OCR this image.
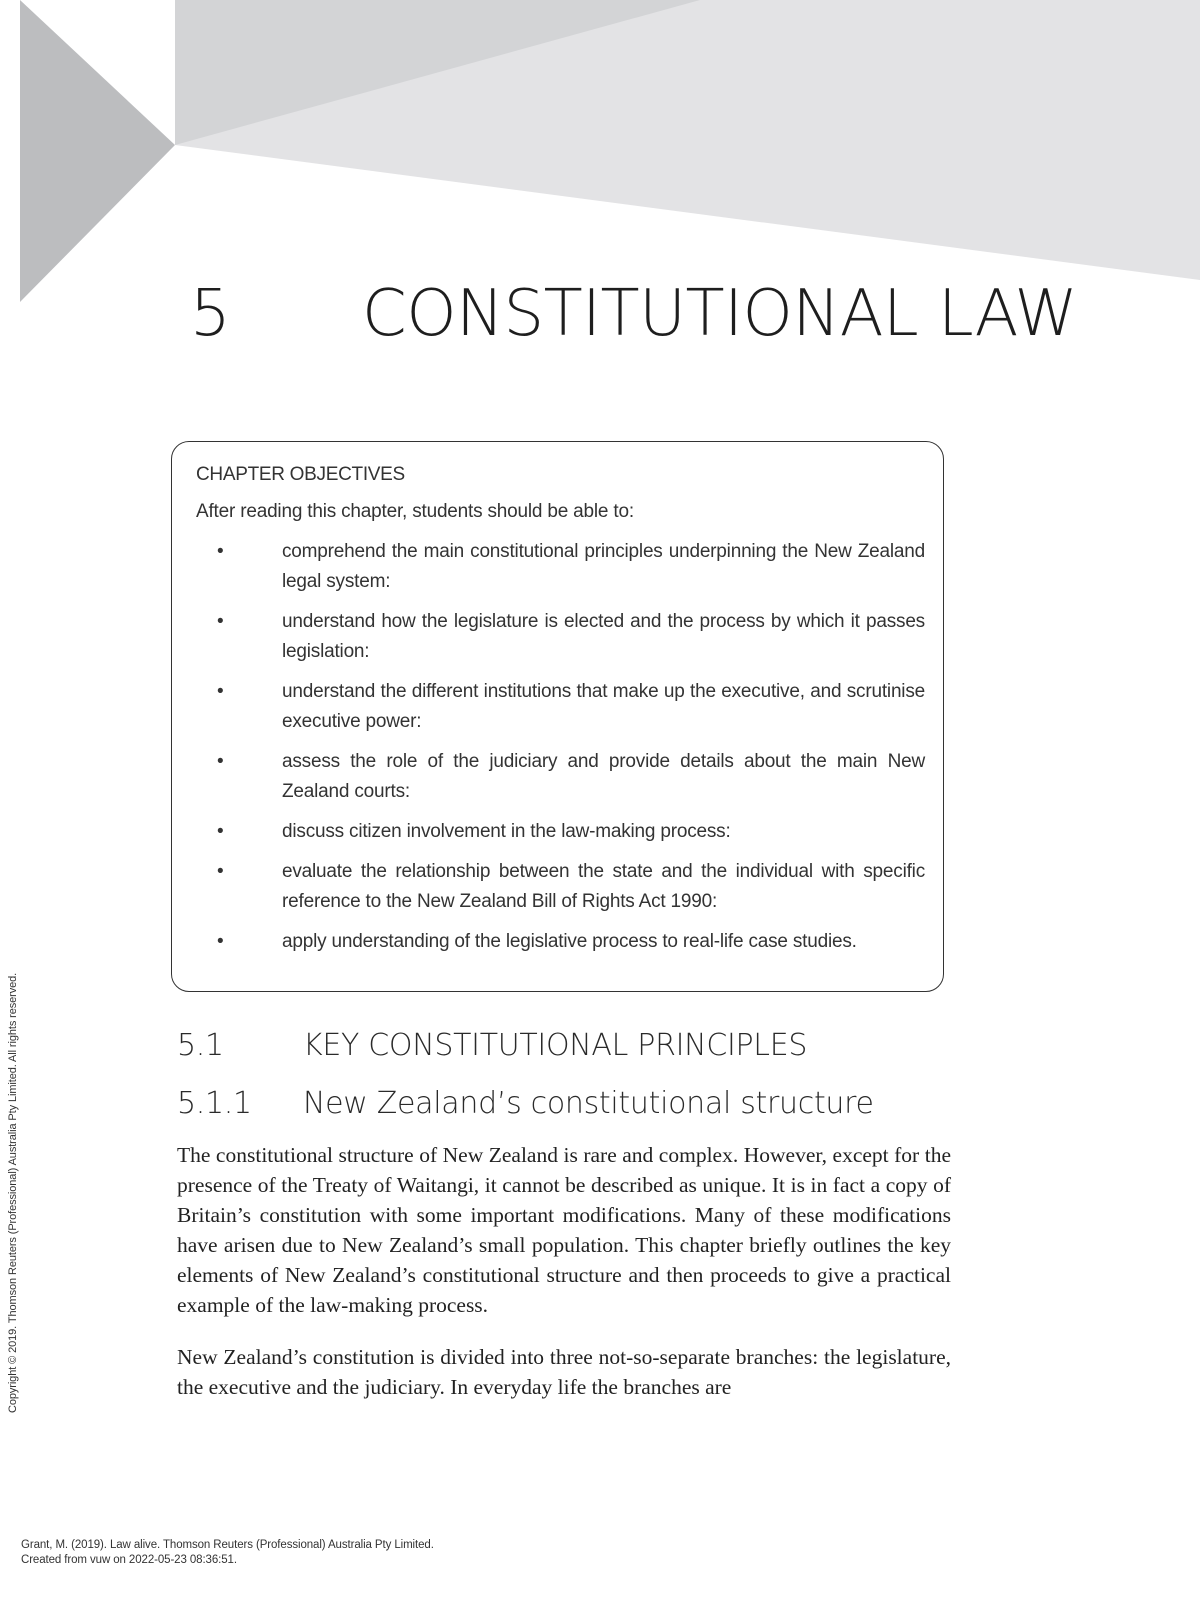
5 CONSTITUTIONAL LAW

CHAPTER OBJECTIVES

After reading this chapter, students should be able to:

•	comprehend the main constitutional principles underpinning the New Zealand legal system:
•	understand how the legislature is elected and the process by which it passes legislation:
•	understand the different institutions that make up the executive, and scrutinise executive power:
•	assess the role of the judiciary and provide details about the main New Zealand courts:
•	discuss citizen involvement in the law-making process:
•	evaluate the relationship between the state and the individual with specific reference to the New Zealand Bill of Rights Act 1990:
•	apply understanding of the legislative process to real-life case studies.
5.1	KEY CONSTITUTIONAL PRINCIPLES
5.1.1 New Zealand’s constitutional structure

The constitutional structure of New Zealand is rare and complex. However, except for the presence of the Treaty of Waitangi, it cannot be described as unique. It is in fact a copy of Britain’s constitution with some important modifications. Many of these modifications have arisen due to New Zealand’s small population. This chapter briefly outlines the key elements of New Zealand’s constitutional structure and then proceeds to give a practical example of the law-making process.

New Zealand’s constitution is divided into three not-so-separate branches: the legislature, the executive and the judiciary. In everyday life the branches are

Copyright © 2019. Thomson Reuters (Professional) Australia Pty Limited. All rights reserved.
Grant, M. (2019). Law alive. Thomson Reuters (Professional) Australia Pty Limited.
Created from vuw on 2022-05-23 08:36:51.
